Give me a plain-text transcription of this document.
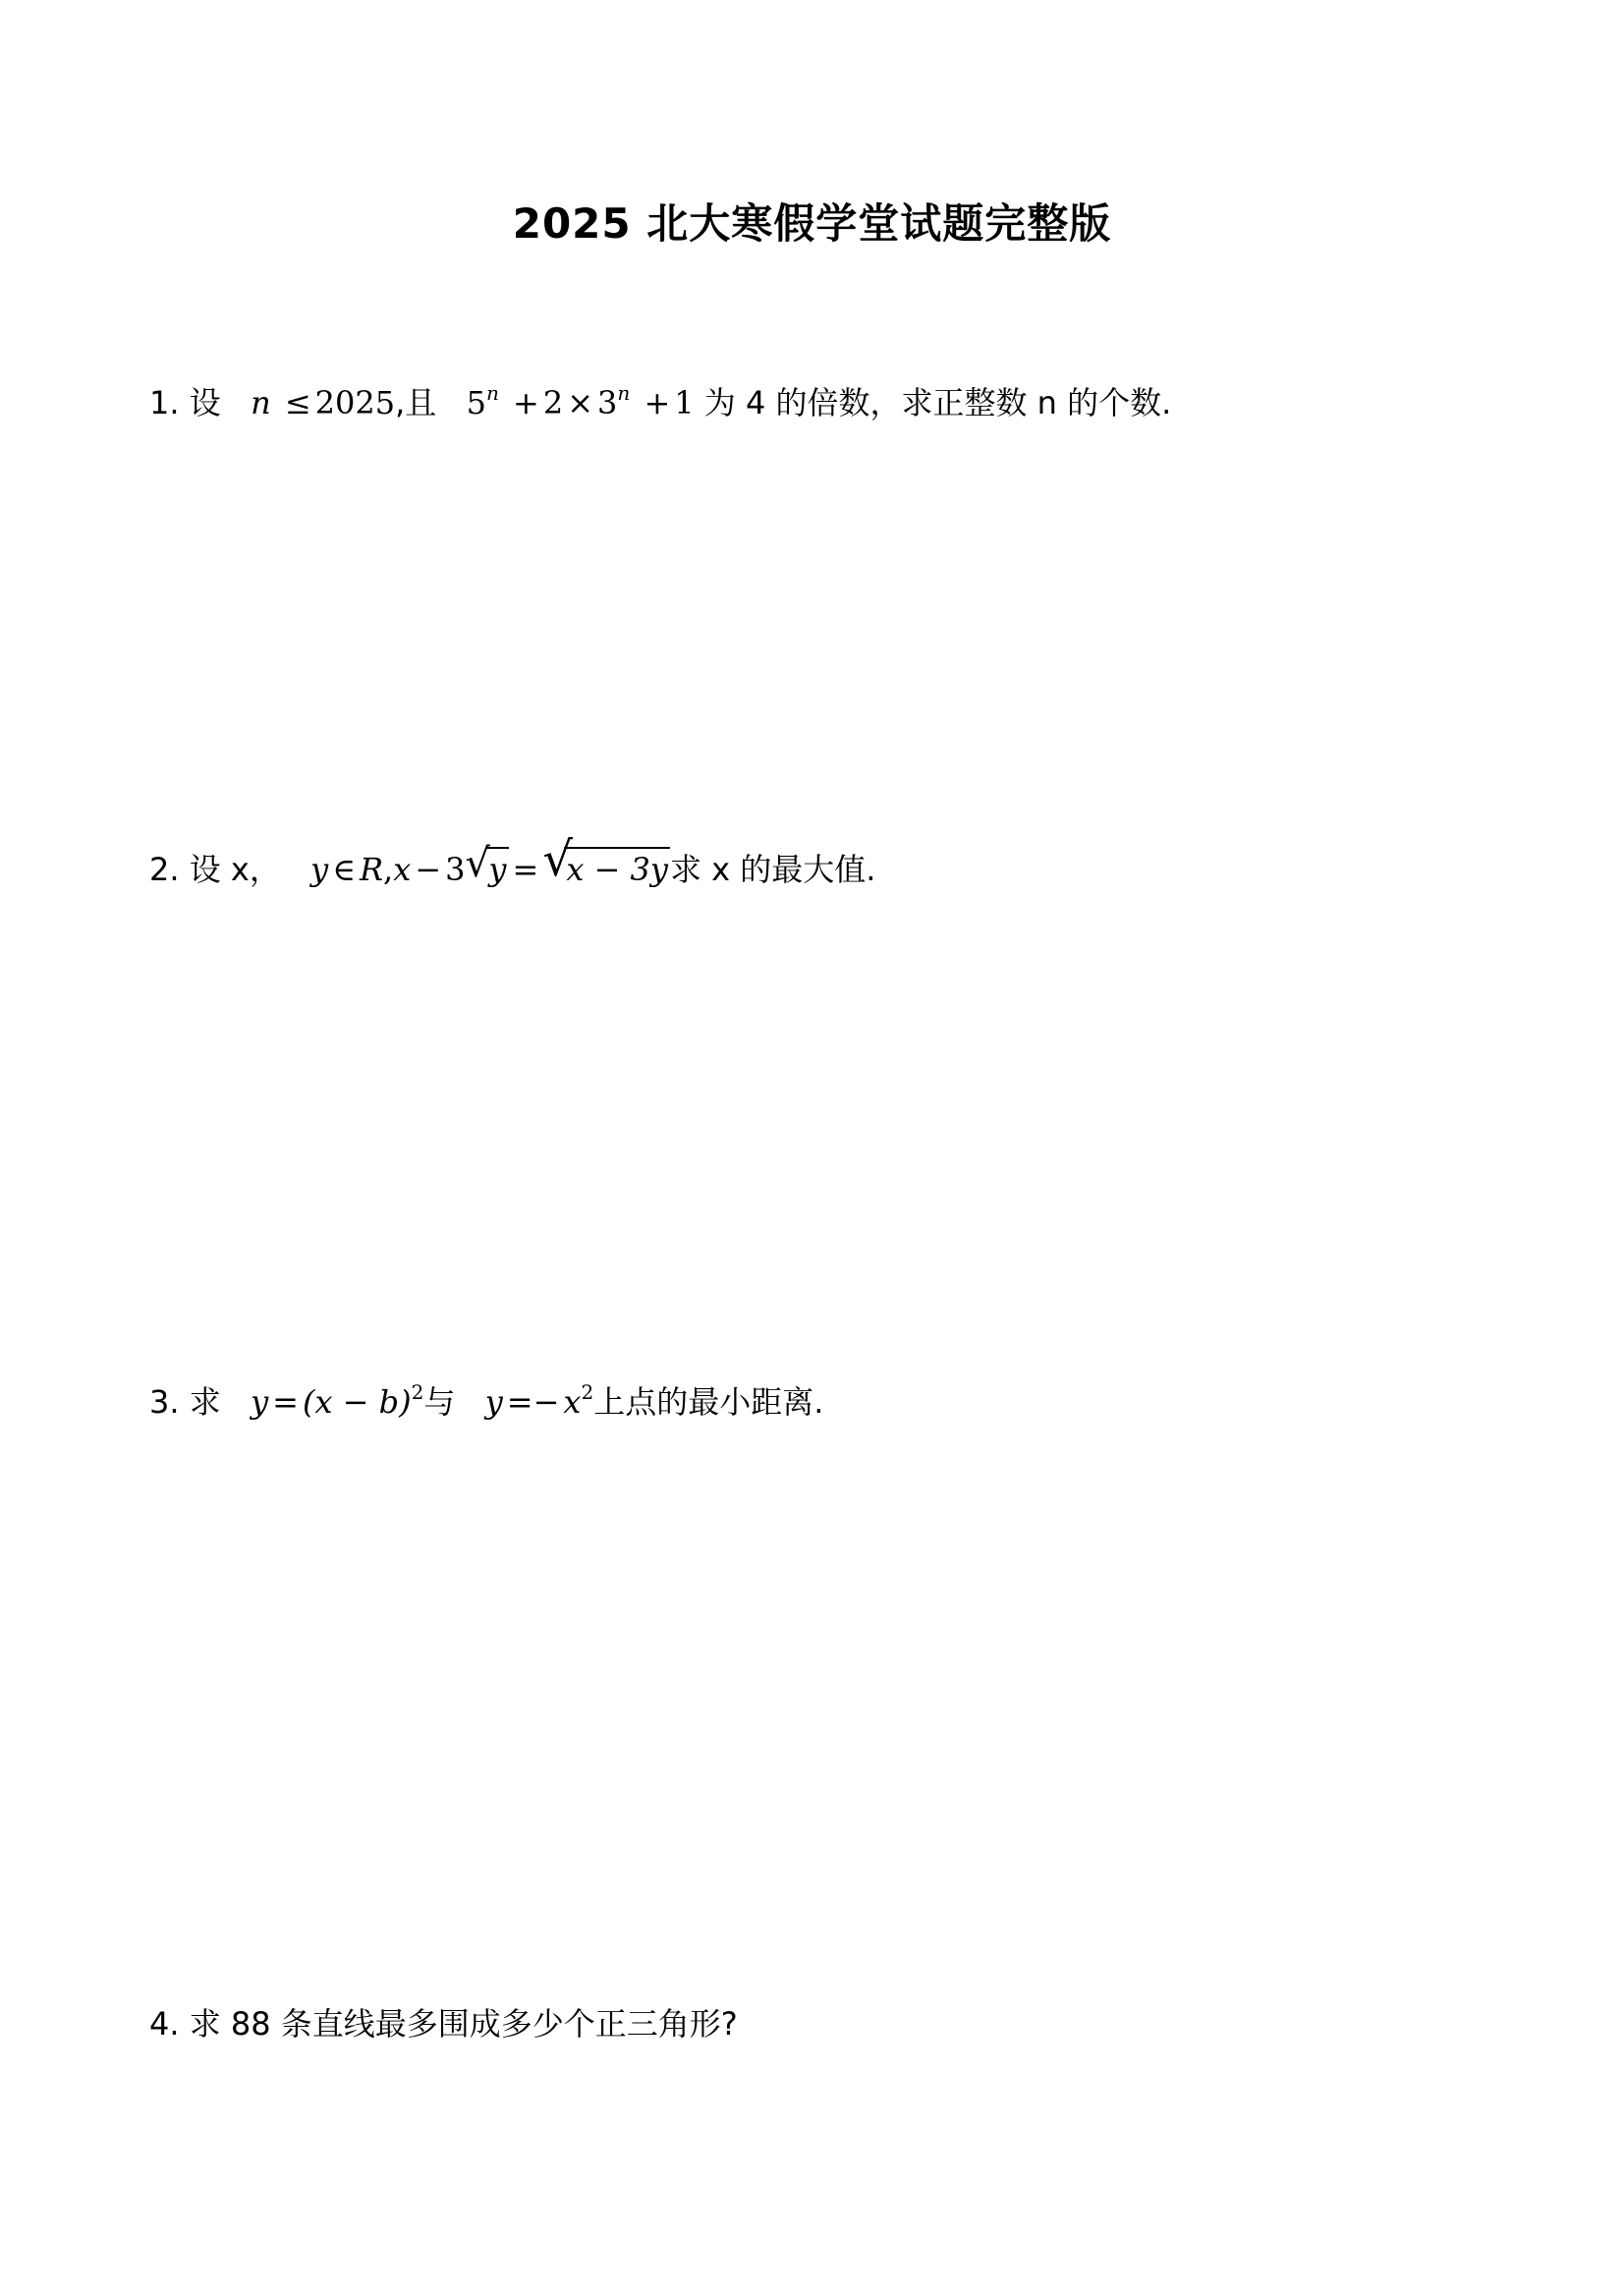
2025 北大寒假学堂试题完整版
1. 设 n ≤ 2025,且 $5^n + 2 \times 3^n + 1$ 为 4 的倍数，求正整数 n 的个数.
2. 设 x， y ∈ R,x − 3 √
y = √
x − 3y求 x 的最大值.
3. 求 $y = (x - b)^2$与 $y =- x^2$上点的最小距离.
4. 求 88 条直线最多围成多少个正三角形?
